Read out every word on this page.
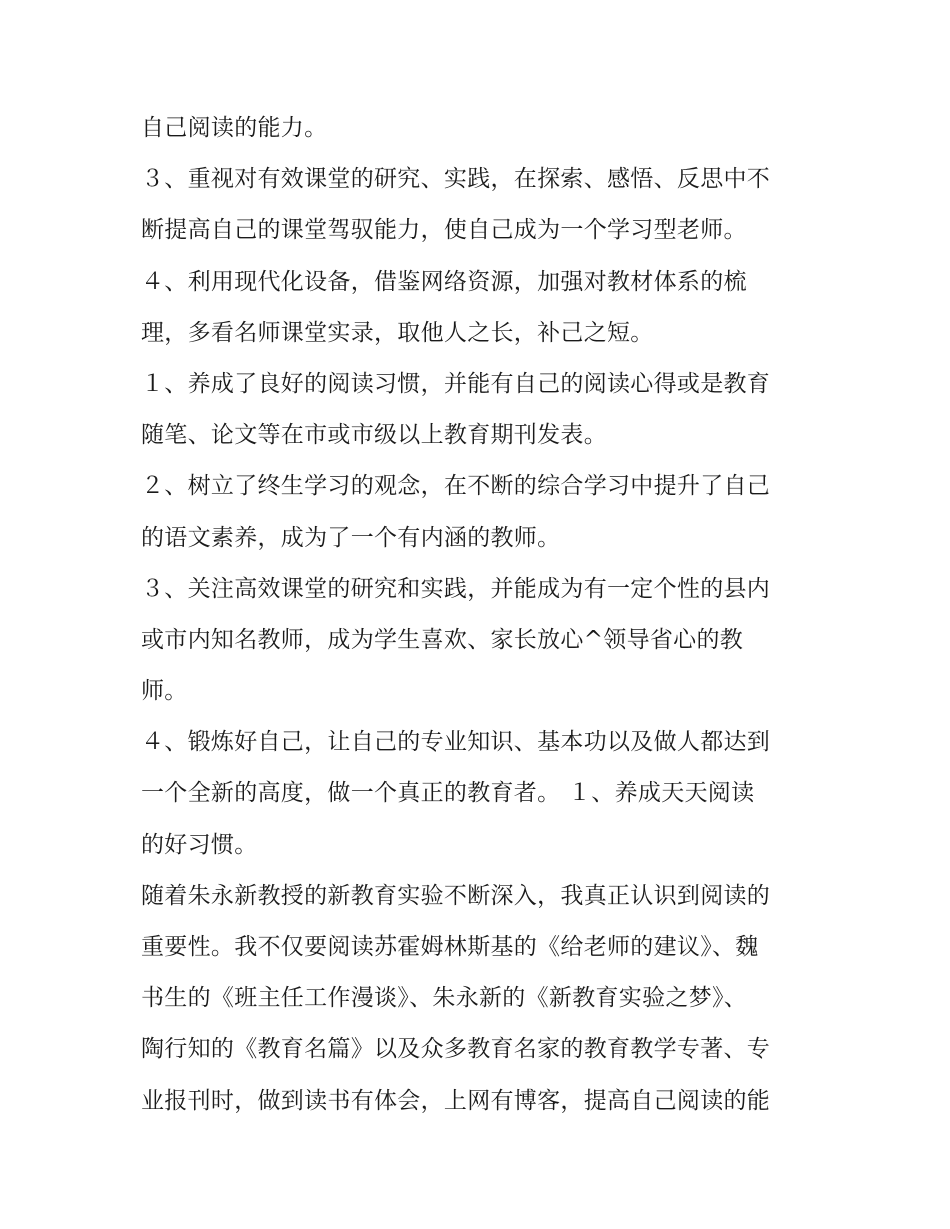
自己阅读的能力。
３、重视对有效课堂的研究、实践，在探索、感悟、反思中不
断提高自己的课堂驾驭能力，使自己成为一个学习型老师。
４、利用现代化设备，借鉴网络资源，加强对教材体系的梳
理，多看名师课堂实录，取他人之长，补己之短。
１、养成了良好的阅读习惯，并能有自己的阅读心得或是教育
随笔、论文等在市或市级以上教育期刊发表。
２、树立了终生学习的观念，在不断的综合学习中提升了自己
的语文素养，成为了一个有内涵的教师。
３、关注高效课堂的研究和实践，并能成为有一定个性的县内
或市内知名教师，成为学生喜欢、家长放心^领导省心的教
师。
４、锻炼好自己，让自己的专业知识、基本功以及做人都达到
一个全新的高度，做一个真正的教育者。 １、养成天天阅读
的好习惯。
随着朱永新教授的新教育实验不断深入，我真正认识到阅读的
重要性。我不仅要阅读苏霍姆林斯基的《给老师的建议》、魏
书生的《班主任工作漫谈》、朱永新的《新教育实验之梦》、
陶行知的《教育名篇》以及众多教育名家的教育教学专著、专
业报刊时，做到读书有体会，上网有博客，提高自己阅读的能
